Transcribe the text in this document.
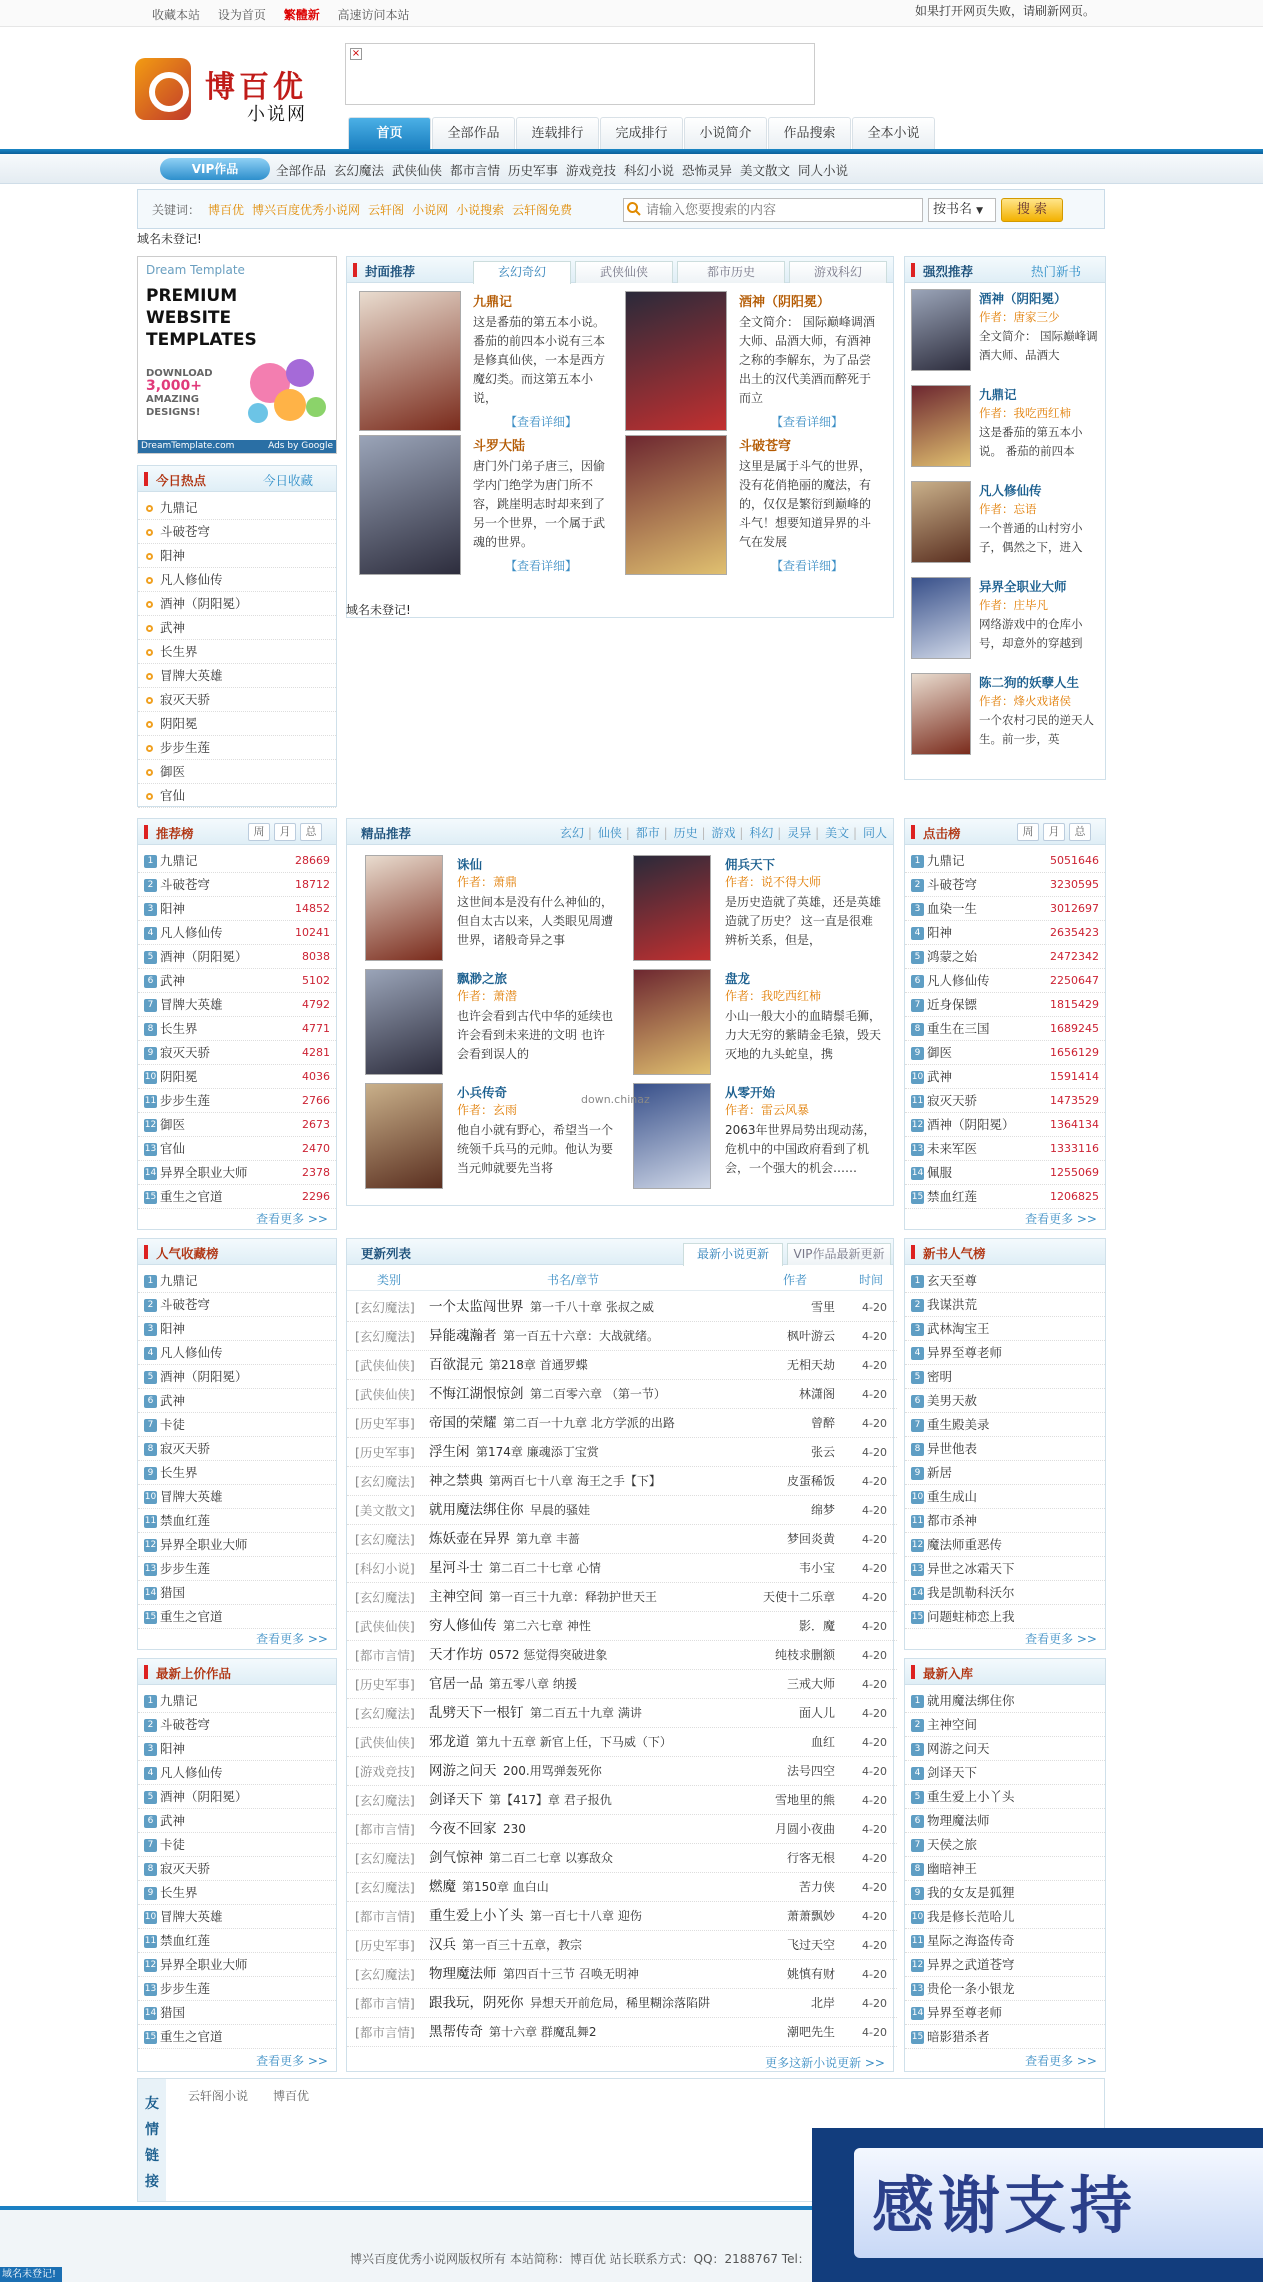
收藏本站 设为首页 繁體新 高速访问本站	如果打开网页失败，请刷新网页。
博百优
小说网
×
首页	全部作品	连载排行	完成排行	小说简介	作品搜索	全本小说
VIP作品	全部作品 玄幻魔法 武侠仙侠 都市言情 历史军事 游戏竞技 科幻小说 恐怖灵异 美文散文 同人小说
关键词： 博百优 博兴百度优秀小说网 云轩阁 小说网 小说搜索 云轩阁免费
请输入您要搜索的内容	按书名 ▼	搜 索
域名未登记!
Dream Template
PREMIUM
WEBSITE
TEMPLATES
DOWNLOAD
3,000+
AMAZING
DESIGNS!
DreamTemplate.com	Ads by Google
今日热点	今日收藏
九鼎记
斗破苍穹
阳神
凡人修仙传
酒神（阴阳冕）
武神
长生界
冒牌大英雄
寂灭天骄
阴阳冕
步步生莲
御医
官仙
封面推荐	玄幻奇幻	武侠仙侠	都市历史	游戏科幻
九鼎记
这是番茄的第五本小说。 番茄的前四本小说有三本是修真仙侠，一本是西方魔幻类。而这第五本小说，
【查看详细】
酒神（阴阳冕）
全文简介： 国际巅峰调酒大师、品酒大师，有酒神之称的李解东，为了品尝出土的汉代美酒而醉死于而立
【查看详细】
斗罗大陆
唐门外门弟子唐三，因偷学内门绝学为唐门所不容，跳崖明志时却来到了另一个世界，一个属于武魂的世界。
【查看详细】
斗破苍穹
这里是属于斗气的世界，没有花俏艳丽的魔法，有的，仅仅是繁衍到巅峰的斗气！想要知道异界的斗气在发展
【查看详细】
域名未登记!
强烈推荐	热门新书
酒神（阴阳冕）
作者：唐家三少
全文简介： 国际巅峰调酒大师、品酒大
九鼎记
作者：我吃西红柿
这是番茄的第五本小说。 番茄的前四本
凡人修仙传
作者：忘语
一个普通的山村穷小子，偶然之下，进入
异界全职业大师
作者：庄毕凡
网络游戏中的仓库小号，却意外的穿越到
陈二狗的妖孽人生
作者：烽火戏诸侯
一个农村刁民的逆天人生。前一步，英
推荐榜	周	月	总
1 九鼎记	28669
2 斗破苍穹	18712
3 阳神	14852
4 凡人修仙传	10241
5 酒神（阴阳冕）	8038
6 武神	5102
7 冒牌大英雄	4792
8 长生界	4771
9 寂灭天骄	4281
10 阴阳冕	4036
11 步步生莲	2766
12 御医	2673
13 官仙	2470
14 异界全职业大师	2378
15 重生之官道	2296
查看更多 >>
精品推荐	玄幻 | 仙侠 | 都市 | 历史 | 游戏 | 科幻 | 灵异 | 美文 | 同人
诛仙
作者：萧鼎
这世间本是没有什么神仙的，但自太古以来，人类眼见周遭世界，诸般奇异之事
佣兵天下
作者：说不得大师
是历史造就了英雄，还是英雄造就了历史？ 这一直是很难辨析关系，但是，
飘渺之旅
作者：萧潜
也许会看到古代中华的延续也许会看到未来进的文明 也许会看到误人的
盘龙
作者：我吃西红柿
小山一般大小的血睛鬃毛狮，力大无穷的紫睛金毛猿，毁天灭地的九头蛇皇，携
小兵传奇
作者：玄雨
他自小就有野心，希望当一个统领千兵马的元帅。他认为要当元帅就要先当将
从零开始
作者：雷云风暴
2063年世界局势出现动荡，危机中的中国政府看到了机会，一个强大的机会……
down.chinaz
点击榜	周	月	总
1 九鼎记	5051646
2 斗破苍穹	3230595
3 血染一生	3012697
4 阳神	2635423
5 鸿蒙之始	2472342
6 凡人修仙传	2250647
7 近身保镖	1815429
8 重生在三国	1689245
9 御医	1656129
10 武神	1591414
11 寂灭天骄	1473529
12 酒神（阴阳冕）	1364134
13 未来军医	1333116
14 佩服	1255069
15 禁血红莲	1206825
查看更多 >>
人气收藏榜
1 九鼎记
2 斗破苍穹
3 阳神
4 凡人修仙传
5 酒神（阴阳冕）
6 武神
7 卡徒
8 寂灭天骄
9 长生界
10 冒牌大英雄
11 禁血红莲
12 异界全职业大师
13 步步生莲
14 猎国
15 重生之官道
查看更多 >>
新书人气榜
1 玄天至尊
2 我谋洪荒
3 武林淘宝王
4 异界至尊老师
5 密明
6 美男天赦
7 重生殿美录
8 异世他表
9 新居
10 重生成山
11 都市杀神
12 魔法师重恶传
13 异世之冰霜天下
14 我是凯勒科沃尔
15 问题蛀柿恋上我
查看更多 >>
最新上价作品
1 九鼎记
2 斗破苍穹
3 阳神
4 凡人修仙传
5 酒神（阴阳冕）
6 武神
7 卡徒
8 寂灭天骄
9 长生界
10 冒牌大英雄
11 禁血红莲
12 异界全职业大师
13 步步生莲
14 猎国
15 重生之官道
查看更多 >>
最新入库
1 就用魔法绑住你
2 主神空间
3 网游之问天
4 剑译天下
5 重生爱上小丫头
6 物理魔法师
7 天侯之旅
8 幽暗神王
9 我的女友是狐狸
10 我是修长范哈儿
11 星际之海盗传奇
12 异界之武道苍穹
13 贵伦一条小银龙
14 异界至尊老师
15 暗影猎杀者
查看更多 >>
更新列表	最新小说更新	VIP作品最新更新
类别	书名/章节	作者	时间
[玄幻魔法]	一个太监闯世界 第一千八十章 张叔之威	雪里 4-20
[玄幻魔法]	异能魂瀚者 第一百五十六章：大战就绪。	枫叶游云 4-20
[武侠仙侠]	百欲混元 第218章 首通罗蝶	无相天劫 4-20
[武侠仙侠]	不悔江湖恨惊剑 第二百零六章 （第一节）	林潇阁 4-20
[历史军事]	帝国的荣耀 第二百一十九章 北方学派的出路	曾醉 4-20
[历史军事]	浮生闲 第174章 廉魂添丁宝赏	张云 4-20
[玄幻魔法]	神之禁典 第两百七十八章 海王之手【下】	皮蛋稀饭 4-20
[美文散文]	就用魔法绑住你 早晨的骚娃	绵梦 4-20
[玄幻魔法]	炼妖壶在异界 第九章 丰蔷	梦回炎黄 4-20
[科幻小说]	星河斗士 第二百二十七章 心情	韦小宝 4-20
[玄幻魔法]	主神空间 第一百三十九章：释勃护世天王	天使十二乐章 4-20
[武侠仙侠]	穷人修仙传 第二六七章 神性	影．魔 4-20
[都市言情]	天才作坊 0572 惩觉得突破进象	纯枝求删额 4-20
[历史军事]	官居一品 第五零八章 纳援	三戒大师 4-20
[玄幻魔法]	乱劈天下一根钉 第二百五十九章 满讲	面人儿 4-20
[武侠仙侠]	邪龙道 第九十五章 新官上任，下马威（下）	血红 4-20
[游戏竞技]	网游之问天 200.用骂弹轰死你	法号四空 4-20
[玄幻魔法]	剑译天下 第【417】章 君子报仇	雪地里的熊 4-20
[都市言情]	今夜不回家 230	月圆小夜曲 4-20
[玄幻魔法]	剑气惊神 第二百二七章 以寡敌众	行客无根 4-20
[玄幻魔法]	燃魔 第150章 血白山	苦力侠 4-20
[都市言情]	重生爱上小丫头 第一百七十八章 迎伤	萧萧飘妙 4-20
[历史军事]	汉兵 第一百三十五章，教宗	飞过天空 4-20
[玄幻魔法]	物理魔法师 第四百十三节 召唤无明神	姚慎有财 4-20
[都市言情]	跟我玩，阴死你 异想天开前危局，稀里糊涂落陷阱	北岸 4-20
[都市言情]	黑帮传奇 第十六章 群魔乱舞2	潮吧先生 4-20
更多这新小说更新 >>
友
情
链
接
云轩阁小说 博百优
博兴百度优秀小说网版权所有 本站简称：博百优 站长联系方式：QQ：2188767 Tel：
感谢支持
域名未登记!
